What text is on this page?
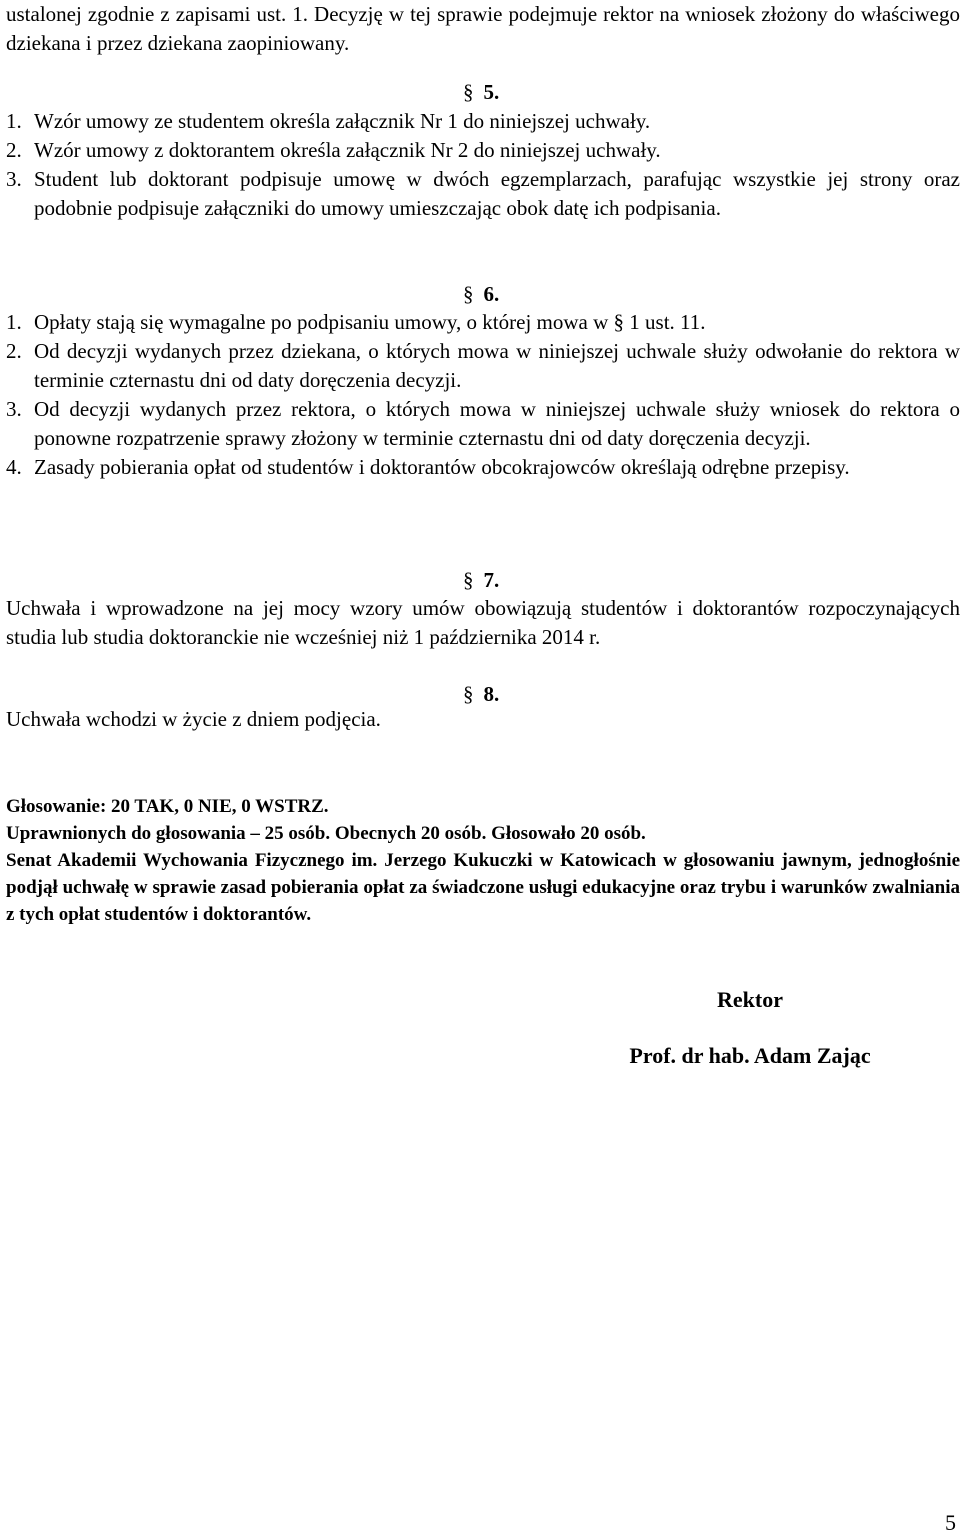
ustalonej zgodnie z zapisami ust. 1. Decyzję w tej sprawie podejmuje rektor na wniosek złożony do właściwego dziekana i przez dziekana zaopiniowany.

§ 5.

1. Wzór umowy ze studentem określa załącznik Nr 1 do niniejszej uchwały.

2. Wzór umowy z doktorantem określa załącznik Nr 2 do niniejszej uchwały.

3. Student lub doktorant podpisuje umowę w dwóch egzemplarzach, parafując wszystkie jej strony oraz podobnie podpisuje załączniki do umowy umieszczając obok datę ich podpisania.

§ 6.

1. Opłaty stają się wymagalne po podpisaniu umowy, o której mowa w § 1 ust. 11.

2. Od decyzji wydanych przez dziekana, o których mowa w niniejszej uchwale służy odwołanie do rektora w terminie czternastu dni od daty doręczenia decyzji.

3. Od decyzji wydanych przez rektora, o których mowa w niniejszej uchwale służy wniosek do rektora o ponowne rozpatrzenie sprawy złożony w terminie czternastu dni od daty doręczenia decyzji.

4. Zasady pobierania opłat od studentów i doktorantów obcokrajowców określają odrębne przepisy.

§ 7.

Uchwała i wprowadzone na jej mocy wzory umów obowiązują studentów i doktorantów rozpoczynających studia lub studia doktoranckie nie wcześniej niż 1 października 2014 r.

§ 8.

Uchwała wchodzi w życie z dniem podjęcia.

Głosowanie: 20 TAK, 0 NIE, 0 WSTRZ.

Uprawnionych do głosowania – 25 osób. Obecnych 20 osób. Głosowało 20 osób.

Senat Akademii Wychowania Fizycznego im. Jerzego Kukuczki w Katowicach w głosowaniu jawnym, jednogłośnie podjął uchwałę w sprawie zasad pobierania opłat za świadczone usługi edukacyjne oraz trybu i warunków zwalniania z tych opłat studentów i doktorantów.

Rektor
Prof. dr hab. Adam Zając
5
